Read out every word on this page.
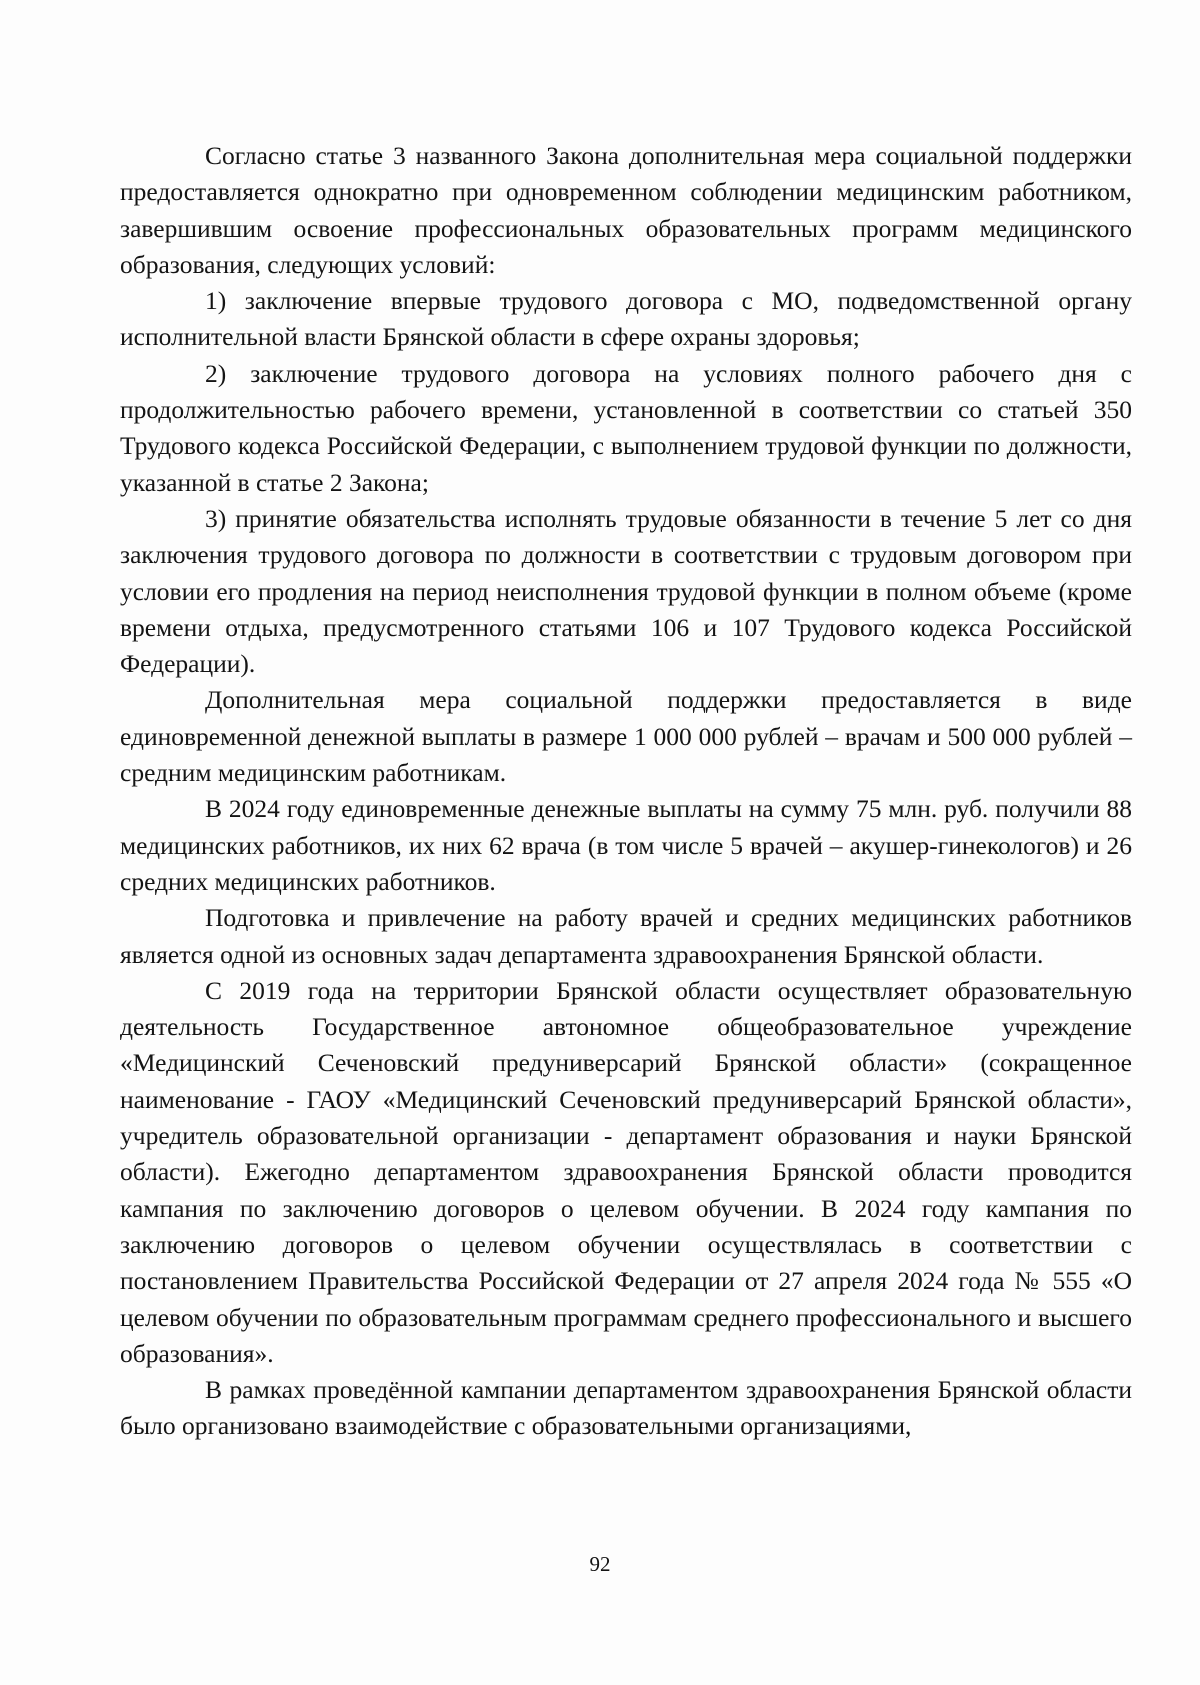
Согласно статье 3 названного Закона дополнительная мера социальной поддержки предоставляется однократно при одновременном соблюдении медицинским работником, завершившим освоение профессиональных образовательных программ медицинского образования, следующих условий:

1) заключение впервые трудового договора с МО, подведомственной органу исполнительной власти Брянской области в сфере охраны здоровья;

2) заключение трудового договора на условиях полного рабочего дня с продолжительностью рабочего времени, установленной в соответствии со статьей 350 Трудового кодекса Российской Федерации, с выполнением трудовой функции по должности, указанной в статье 2 Закона;

3) принятие обязательства исполнять трудовые обязанности в течение 5 лет со дня заключения трудового договора по должности в соответствии с трудовым договором при условии его продления на период неисполнения трудовой функции в полном объеме (кроме времени отдыха, предусмотренного статьями 106 и 107 Трудового кодекса Российской Федерации).

Дополнительная мера социальной поддержки предоставляется в виде единовременной денежной выплаты в размере 1 000 000 рублей – врачам и 500 000 рублей – средним медицинским работникам.

В 2024 году единовременные денежные выплаты на сумму 75 млн. руб. получили 88 медицинских работников, их них 62 врача (в том числе 5 врачей – акушер-гинекологов) и 26 средних медицинских работников.

Подготовка и привлечение на работу врачей и средних медицинских работников является одной из основных задач департамента здравоохранения Брянской области.

С 2019 года на территории Брянской области осуществляет образовательную деятельность Государственное автономное общеобразовательное учреждение «Медицинский Сеченовский предуниверсарий Брянской области» (сокращенное наименование - ГАОУ «Медицинский Сеченовский предуниверсарий Брянской области», учредитель образовательной организации - департамент образования и науки Брянской области). Ежегодно департаментом здравоохранения Брянской области проводится кампания по заключению договоров о целевом обучении. В 2024 году кампания по заключению договоров о целевом обучении осуществлялась в соответствии с постановлением Правительства Российской Федерации от 27 апреля 2024 года № 555 «О целевом обучении по образовательным программам среднего профессионального и высшего образования».

В рамках проведённой кампании департаментом здравоохранения Брянской области было организовано взаимодействие с образовательными организациями,

92
